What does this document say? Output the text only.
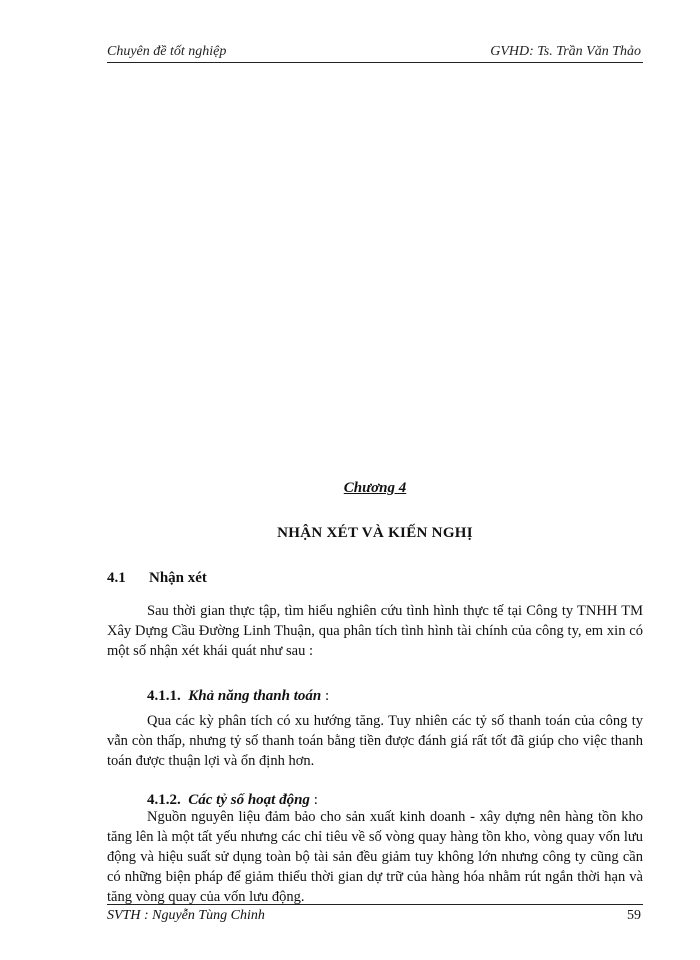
Chuyên đề tốt nghiệp	GVHD: Ts. Trần Văn Thảo
Chương 4
NHẬN XÉT VÀ KIẾN NGHỊ
4.1 Nhận xét
Sau thời gian thực tập, tìm hiểu nghiên cứu tình hình thực tế tại Công ty TNHH TM Xây Dựng Cầu Đường Linh Thuận, qua phân tích tình hình tài chính của công ty, em xin có một số nhận xét khái quát như sau :
4.1.1. Khả năng thanh toán :
Qua các kỳ phân tích có xu hướng tăng. Tuy nhiên các tỷ số thanh toán của công ty vẫn còn thấp, nhưng tỷ số thanh toán bằng tiền được đánh giá rất tốt đã giúp cho việc thanh toán được thuận lợi và ổn định hơn.
4.1.2. Các tỷ số hoạt động :
Nguồn nguyên liệu đảm bảo cho sản xuất kinh doanh - xây dựng nên hàng tồn kho tăng lên là một tất yếu nhưng các chỉ tiêu về số vòng quay hàng tồn kho, vòng quay vốn lưu động và hiệu suất sử dụng toàn bộ tài sản đều giảm tuy không lớn nhưng công ty cũng cần có những biện pháp để giảm thiểu thời gian dự trữ của hàng hóa nhằm rút ngắn thời hạn và tăng vòng quay của vốn lưu động.
SVTH : Nguyễn Tùng Chinh	59
